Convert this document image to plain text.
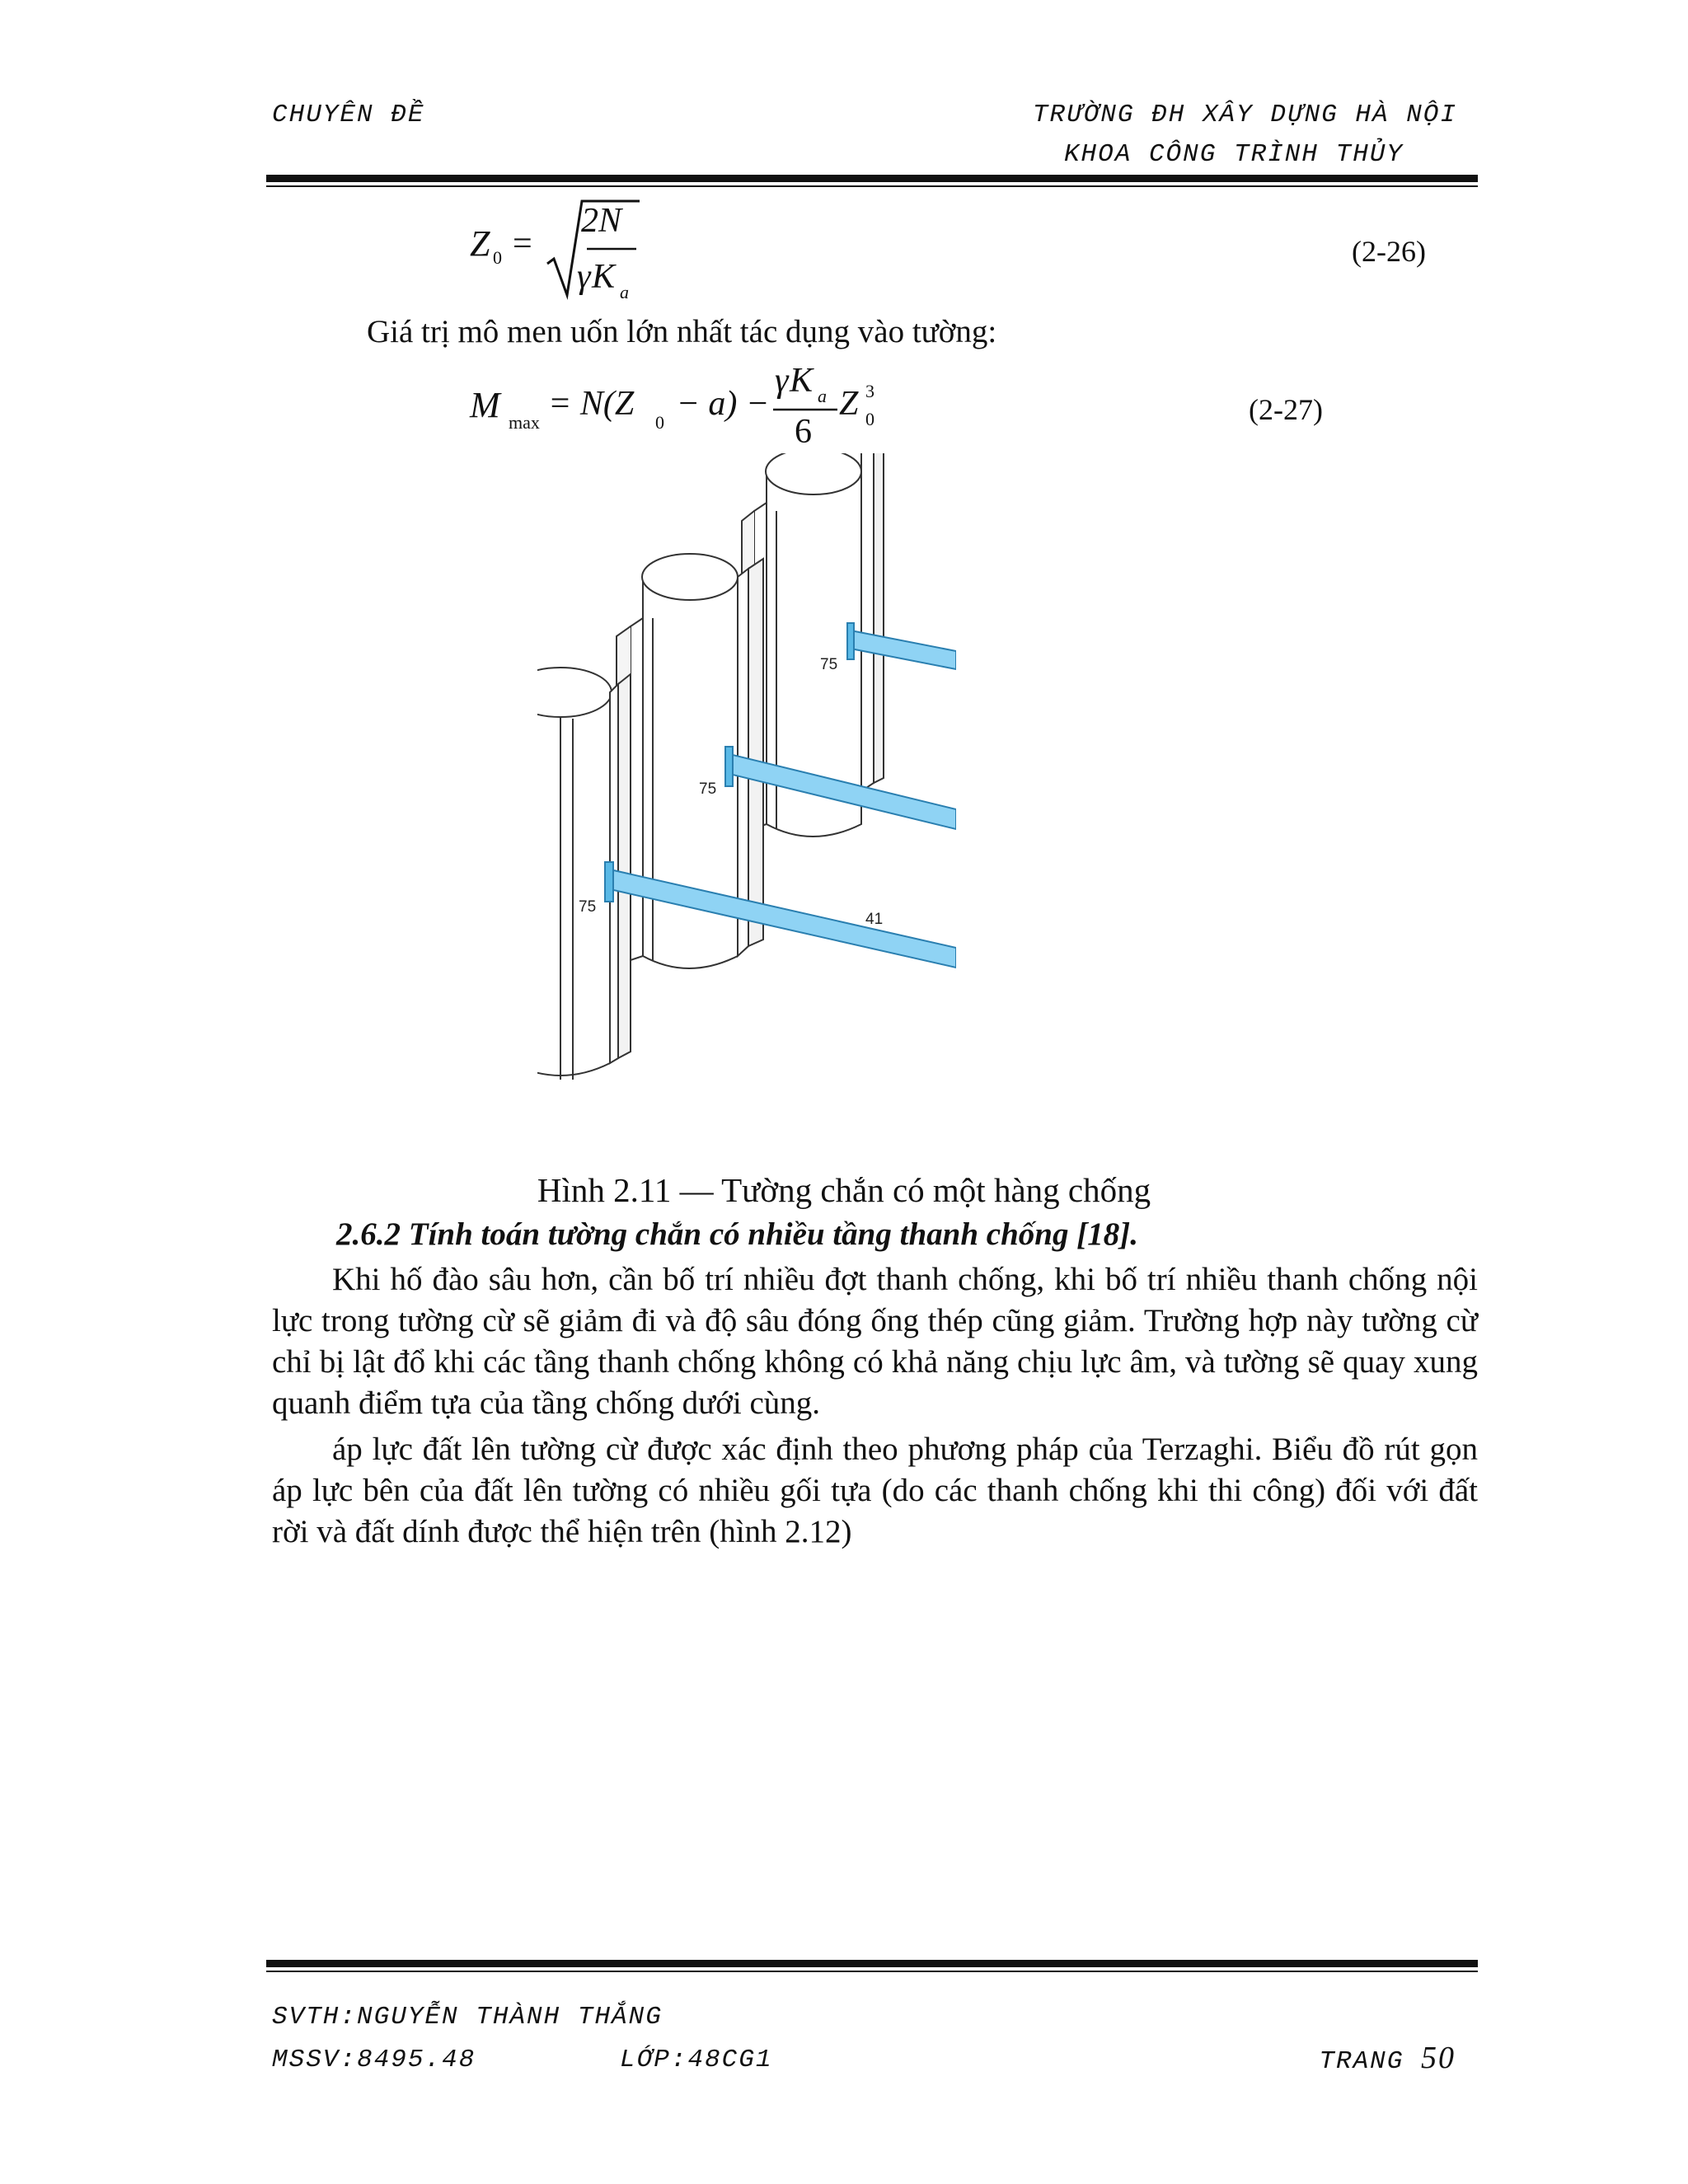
CHUYÊN ĐỀ	TRƯỜNG ĐH XÂY DỰNG HÀ NỘI
KHOA CÔNG TRÌNH THỦY
Z 0 =
2N
γ K a
(2-26)
Giá trị mô men uốn lớn nhất tác dụng vào tường:
M max = N(Z 0 − a) −
γ K a
6
Z 3
0	(2-27)
75
75
75
41
Hình 2.11 — Tường chắn có một hàng chống
2.6.2 Tính toán tường chắn có nhiều tầng thanh chống [18].
Khi hố đào sâu hơn, cần bố trí nhiều đợt thanh chống, khi bố trí nhiều thanh chống nội lực trong tường cừ sẽ giảm đi và độ sâu đóng ống thép cũng giảm. Trường hợp này tường cừ chỉ bị lật đổ khi các tầng thanh chống không có khả năng chịu lực âm, và tường sẽ quay xung quanh điểm tựa của tầng chống dưới cùng.
áp lực đất lên tường cừ được xác định theo phương pháp của Terzaghi. Biểu đồ rút gọn áp lực bên của đất lên tường có nhiều gối tựa (do các thanh chống khi thi công) đối với đất rời và đất dính được thể hiện trên (hình 2.12)
SVTH:NGUYỄN THÀNH THẮNG
MSSV:8495.48	LỚP:48CG1	TRANG 50
